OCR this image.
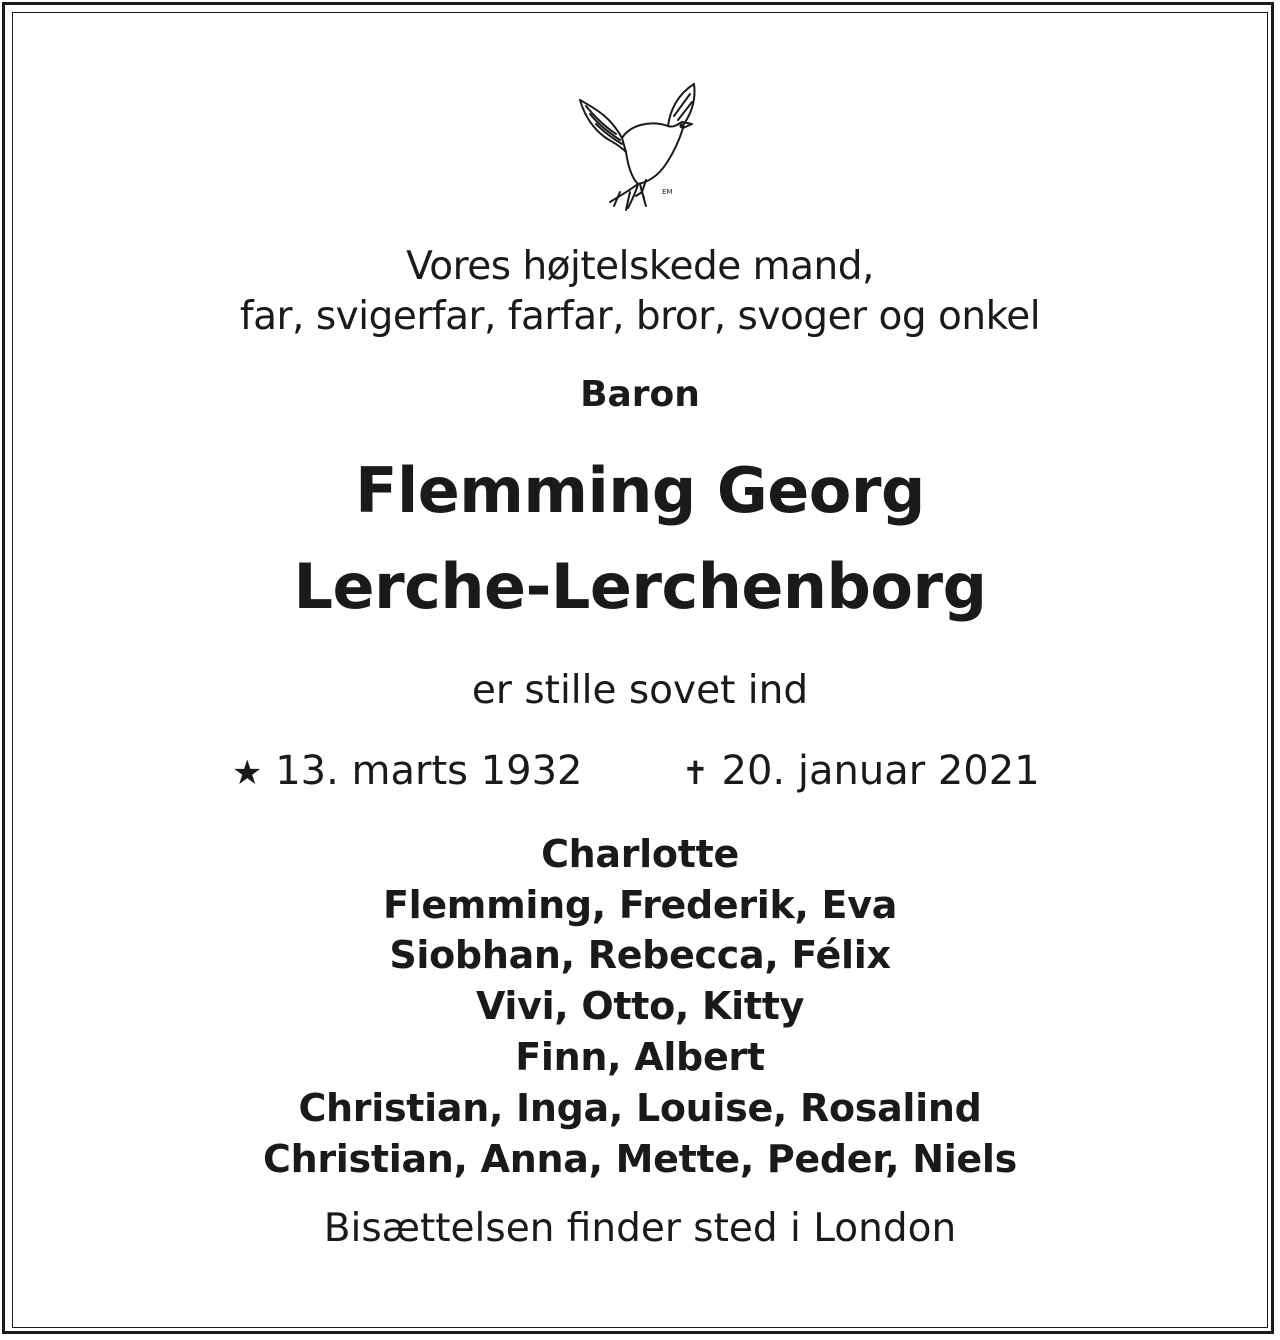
EM
Vores højtelskede mand,
far, svigerfar, farfar, bror, svoger og onkel
Baron
Flemming Georg
Lerche-Lerchenborg
er stille sovet ind
★ 13. marts 1932	✝ 20. januar 2021
Charlotte
Flemming, Frederik, Eva
Siobhan, Rebecca, Félix
Vivi, Otto, Kitty
Finn, Albert
Christian, Inga, Louise, Rosalind
Christian, Anna, Mette, Peder, Niels
Bisættelsen finder sted i London
